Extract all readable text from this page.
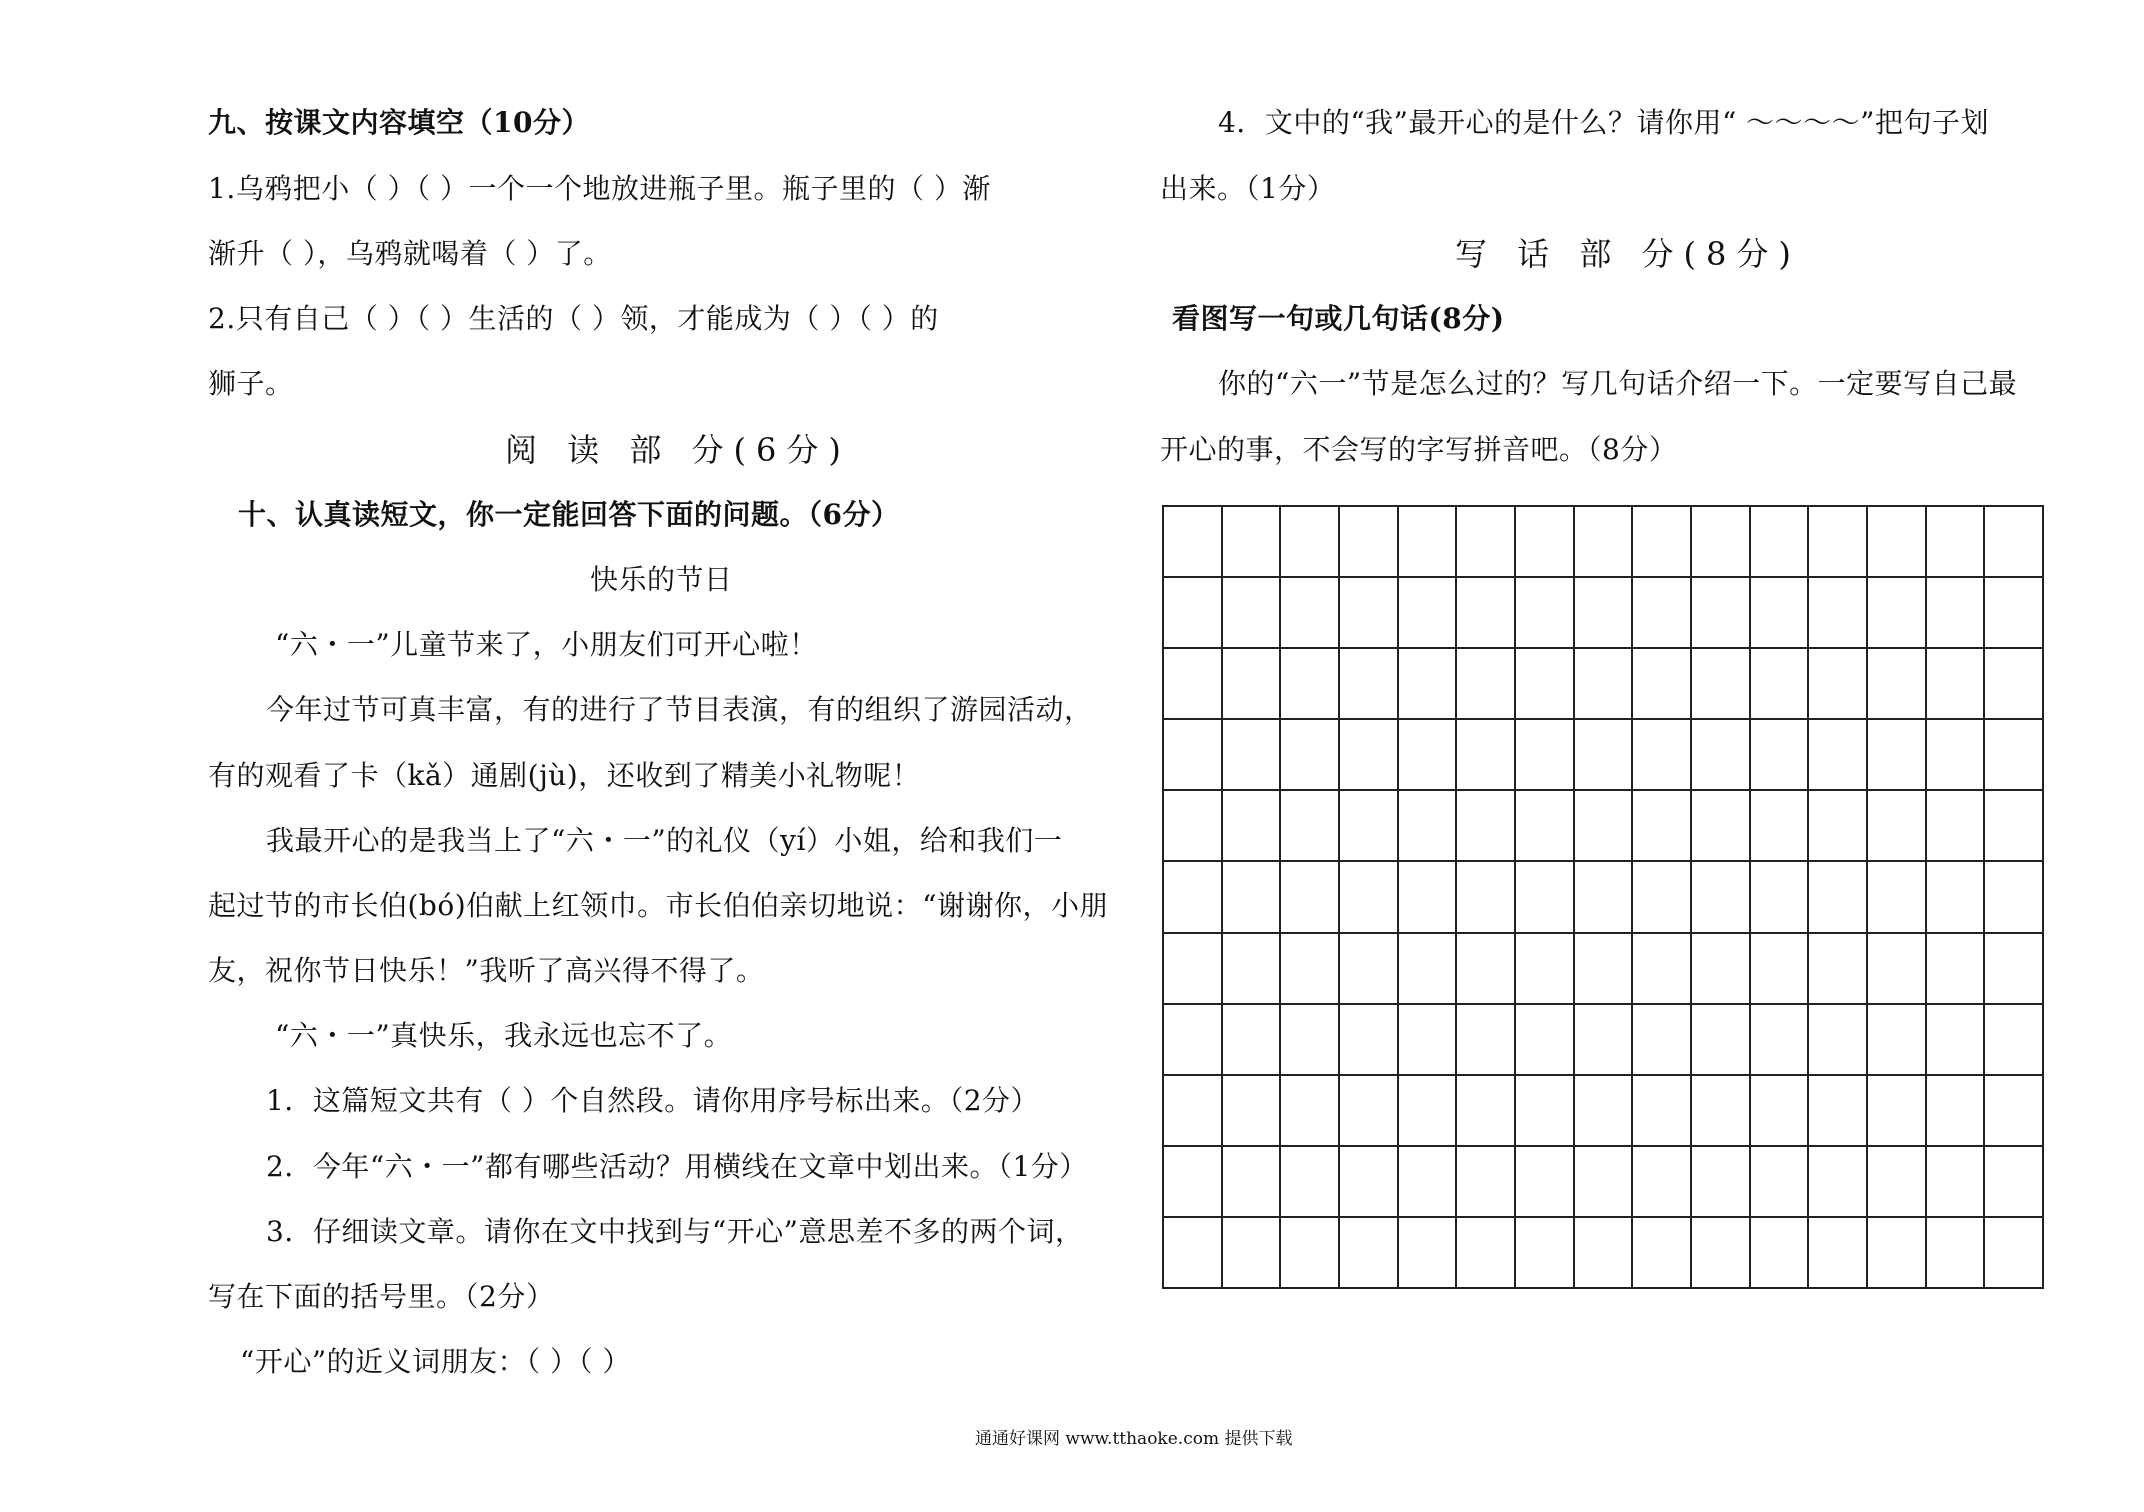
九、按课文内容填空（10分）
1.乌鸦把小（ ）（ ）一个一个地放进瓶子里。瓶子里的（ ）渐
渐升（ ），乌鸦就喝着（ ）了。
2.只有自己（ ）（ ）生活的（ ）领，才能成为（ ）（ ）的
狮子。
阅 读 部 分(6分)
十、认真读短文，你一定能回答下面的问题。（6分）
快乐的节日
“六・一”儿童节来了，小朋友们可开心啦！
今年过节可真丰富，有的进行了节目表演，有的组织了游园活动，
有的观看了卡（kǎ）通剧(jù)，还收到了精美小礼物呢！
我最开心的是我当上了“六・一”的礼仪（yí）小姐，给和我们一
起过节的市长伯(bó)伯献上红领巾。市长伯伯亲切地说：“谢谢你，小朋
友，祝你节日快乐！”我听了高兴得不得了。
“六・一”真快乐，我永远也忘不了。
1．这篇短文共有（ ）个自然段。请你用序号标出来。（2分）
2．今年“六・一”都有哪些活动？用横线在文章中划出来。（1分）
3．仔细读文章。请你在文中找到与“开心”意思差不多的两个词，
写在下面的括号里。（2分）
“开心”的近义词朋友：（ ）（ ）
4．文中的“我”最开心的是什么？请你用“ ～～～～”把句子划
出来。（1分）
写 话 部 分(8分)
看图写一句或几句话(8分)
你的“六一”节是怎么过的？写几句话介绍一下。一定要写自己最
开心的事，不会写的字写拼音吧。（8分）
通通好课网 www.tthaoke.com 提供下载
